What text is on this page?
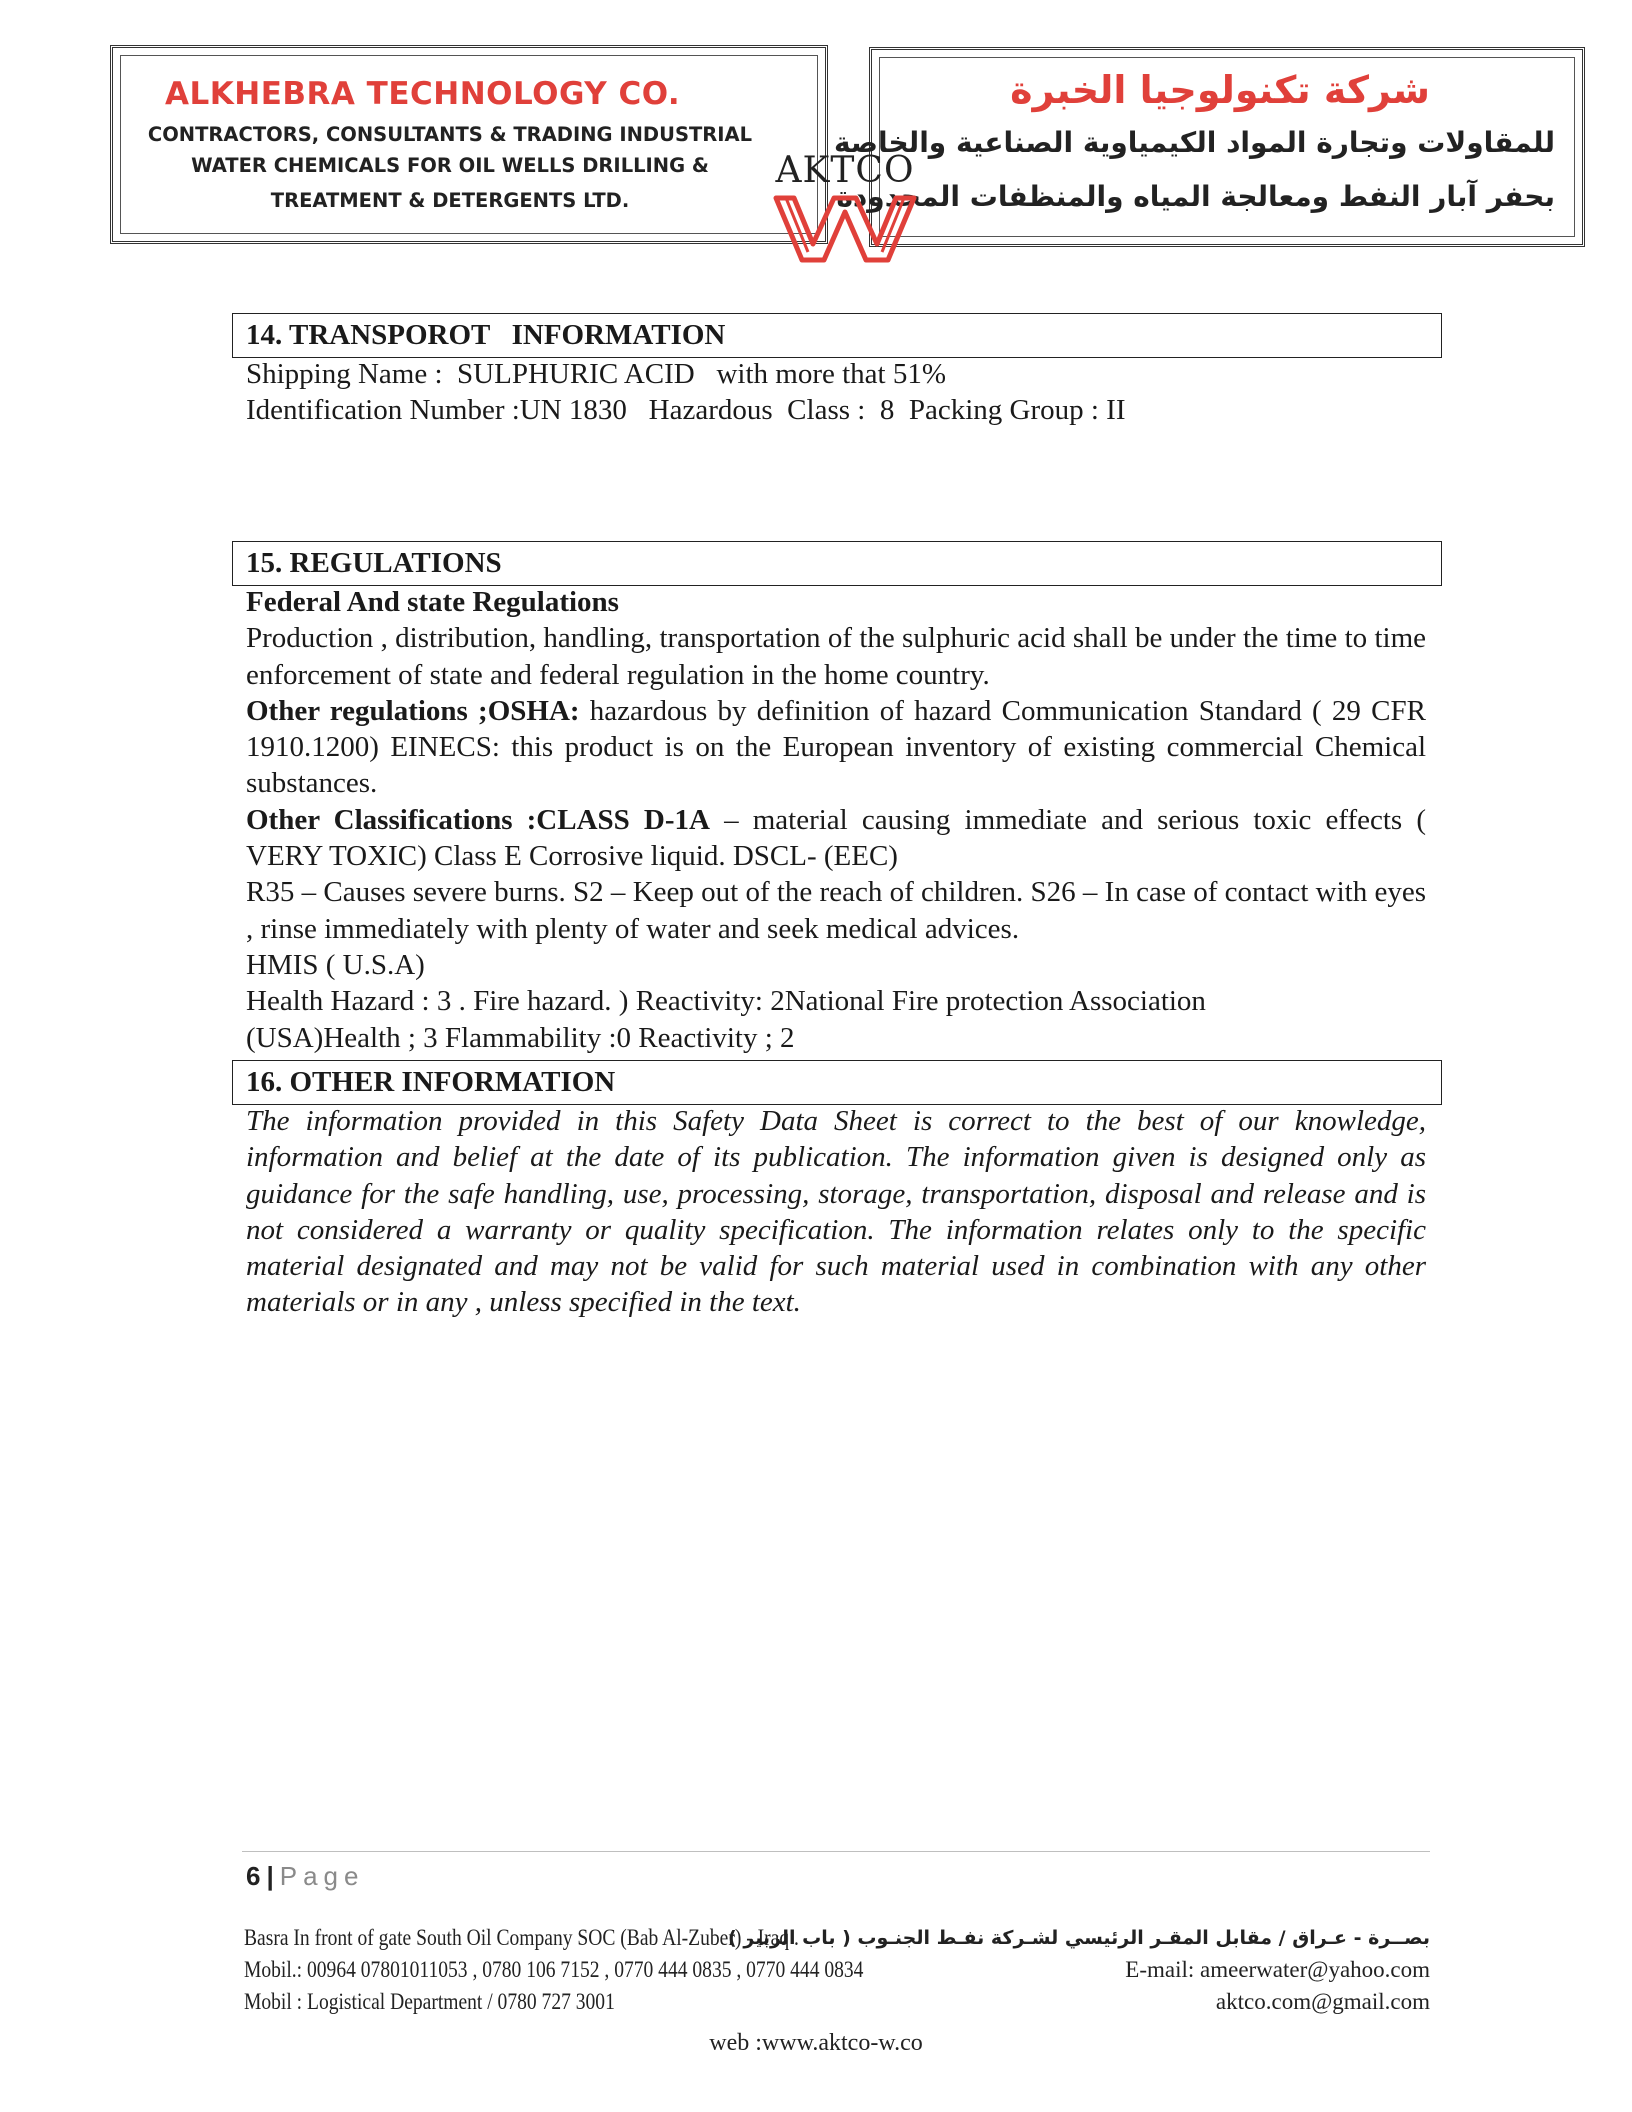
ALKHEBRA TECHNOLOGY CO.
CONTRACTORS, CONSULTANTS & TRADING INDUSTRIAL
WATER CHEMICALS FOR OIL WELLS DRILLING &
TREATMENT & DETERGENTS LTD.
شركة تكنولوجيا الخبرة
للمقاولات وتجارة المواد الكيمياوية الصناعية والخاصة
بحفر آبار النفط ومعالجة المياه والمنظفات المحدودة
AKTCO
14. TRANSPOROT   INFORMATION

Shipping Name :  SULPHURIC ACID   with more that 51%

Identification Number :UN 1830   Hazardous  Class :  8  Packing Group : II

15. REGULATIONS

Federal And state Regulations

Production , distribution, handling, transportation of the sulphuric acid shall be under the time to time enforcement of state and federal regulation in the home country.

Other regulations ;OSHA: hazardous by definition of hazard Communication Standard ( 29 CFR 1910.1200) EINECS: this product is on the European inventory of existing commercial Chemical substances.

Other Classifications :CLASS D-1A – material causing immediate and serious toxic effects ( VERY TOXIC) Class E Corrosive liquid. DSCL- (EEC)

R35 – Causes severe burns. S2 – Keep out of the reach of children. S26 – In case of contact with eyes , rinse immediately with plenty of water and seek medical advices.

HMIS ( U.S.A)

Health Hazard : 3 . Fire hazard. ) Reactivity: 2National Fire protection Association

(USA)Health ; 3 Flammability :0 Reactivity ; 2

16. OTHER INFORMATION

The information provided in this Safety Data Sheet is correct to the best of our knowledge, information and belief at the date of its publication. The information given is designed only as guidance for the safe handling, use, processing, storage, transportation, disposal and release and is not considered a warranty or quality specification. The information relates only to the specific material designated and may not be valid for such material used in combination with any other materials or in any , unless specified in the text.

6 | Page
Basra In front of gate South Oil Company SOC (Bab Al-Zuber) - Iraq .
Mobil.: 00964 07801011053 , 0780 106 7152 , 0770 444 0835 , 0770 444 0834
Mobil : Logistical Department / 0780 727 3001
بصــرة - عـراق / مقابل المقـر الرئيسي لشـركة نفـط الجنـوب ( باب الزبير )
E-mail: ameerwater@yahoo.com
aktco.com@gmail.com
web :www.aktco-w.co
